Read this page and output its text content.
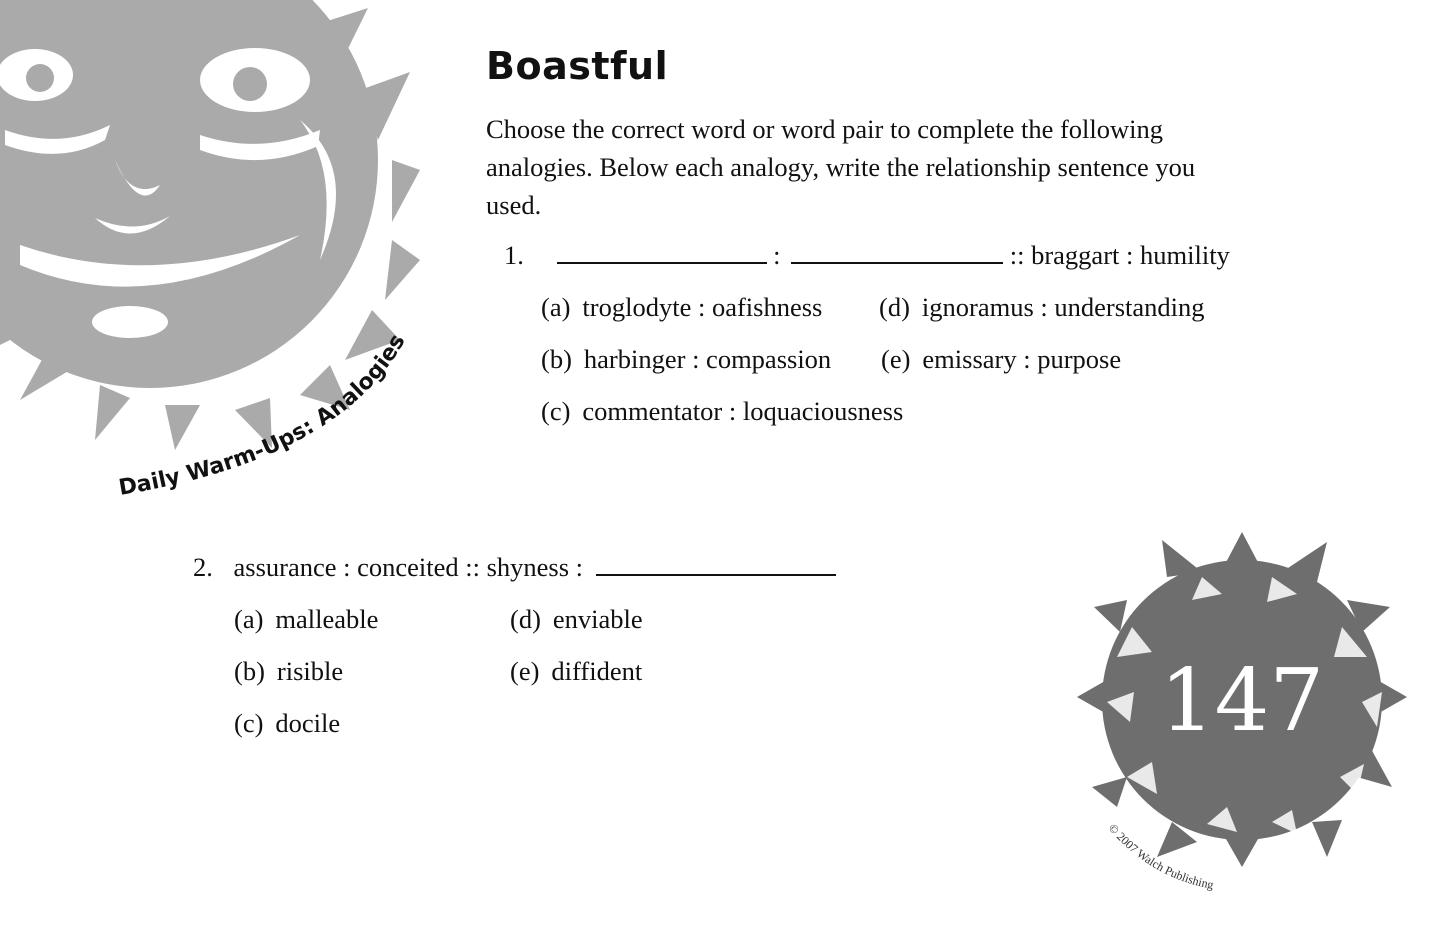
Daily Warm-Ups: Analogies
Boastful
Choose the correct word or word pair to complete the following analogies. Below each analogy, write the relationship sentence you used.
1.	:	:: braggart : humility
(a) troglodyte : oafishness
(b) harbinger : compassion
(c) commentator : loquaciousness
(d) ignoramus : understanding
(e) emissary : purpose
2. assurance : conceited :: shyness :
(a) malleable
(b) risible
(c) docile
(d) enviable
(e) diffident	147
© 2007 Walch Publishing
